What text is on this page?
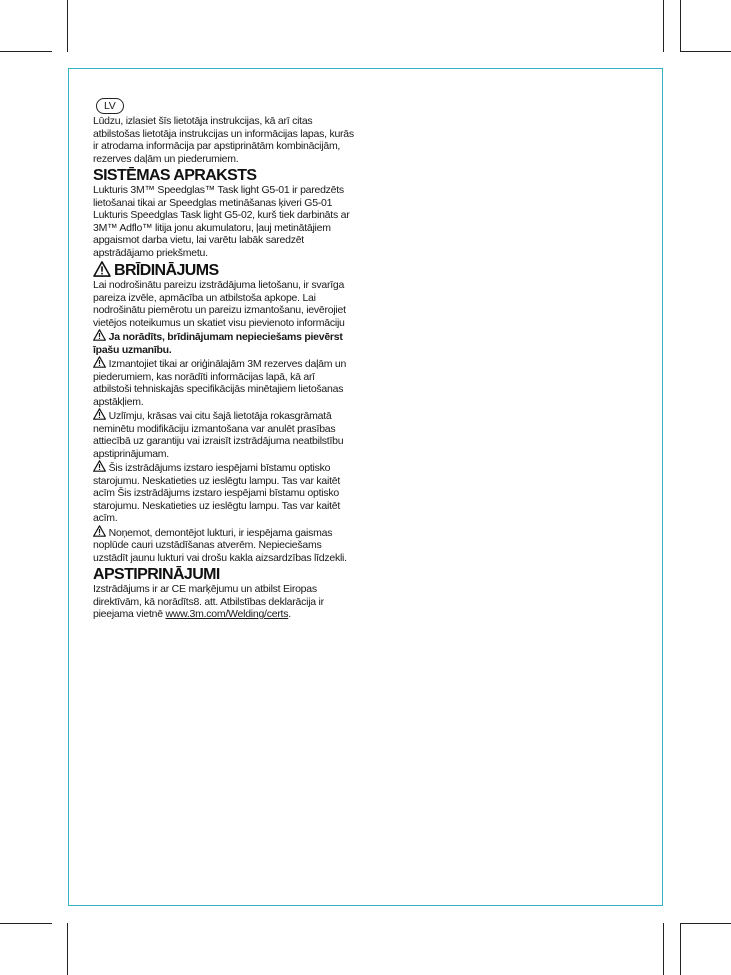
LV

Lūdzu, izlasiet šīs lietotāja instrukcijas, kā arī citas atbilstošas lietotāja instrukcijas un informācijas lapas, kurās ir atrodama informācija par apstiprinātām kombinācijām, rezerves daļām un piederumiem.

SISTĒMAS APRAKSTS

Lukturis 3M™ Speedglas™ Task light G5-01 ir paredzēts lietošanai tikai ar Speedglas metināšanas ķiveri G5-01 Lukturis Speedglas Task light G5-02, kurš tiek darbināts ar 3M™ Adflo™ litija jonu akumulatoru, ļauj metinātājiem apgaismot darba vietu, lai varētu labāk saredzēt apstrādājamo priekšmetu.

BRĪDINĀJUMS

Lai nodrošinātu pareizu izstrādājuma lietošanu, ir svarīga pareiza izvēle, apmācība un atbilstoša apkope. Lai nodrošinātu piemērotu un pareizu izmantošanu, ievērojiet vietējos noteikumus un skatiet visu pievienoto informāciju

Ja norādīts, brīdinājumam nepieciešams pievērst īpašu uzmanību.

Izmantojiet tikai ar oriģinālajām 3M rezerves daļām un piederumiem, kas norādīti informācijas lapā, kā arī atbilstoši tehniskajās specifikācijās minētajiem lietošanas apstākļiem.

Uzlīmju, krāsas vai citu šajā lietotāja rokasgrāmatā neminētu modifikāciju izmantošana var anulēt prasības attiecībā uz garantiju vai izraisīt izstrādājuma neatbilstību apstiprinājumam.

Šis izstrādājums izstaro iespējami bīstamu optisko starojumu. Neskatieties uz ieslēgtu lampu. Tas var kaitēt acīm Šis izstrādājums izstaro iespējami bīstamu optisko starojumu. Neskatieties uz ieslēgtu lampu. Tas var kaitēt acīm.

Noņemot, demontējot lukturi, ir iespējama gaismas noplūde cauri uzstādīšanas atverēm. Nepieciešams uzstādīt jaunu lukturi vai drošu kakla aizsardzības līdzekli.

APSTIPRINĀJUMI

Izstrādājums ir ar CE marķējumu un atbilst Eiropas direktīvām, kā norādīts8. att. Atbilstības deklarācija ir pieejama vietnē www.3m.com/Welding/certs.
